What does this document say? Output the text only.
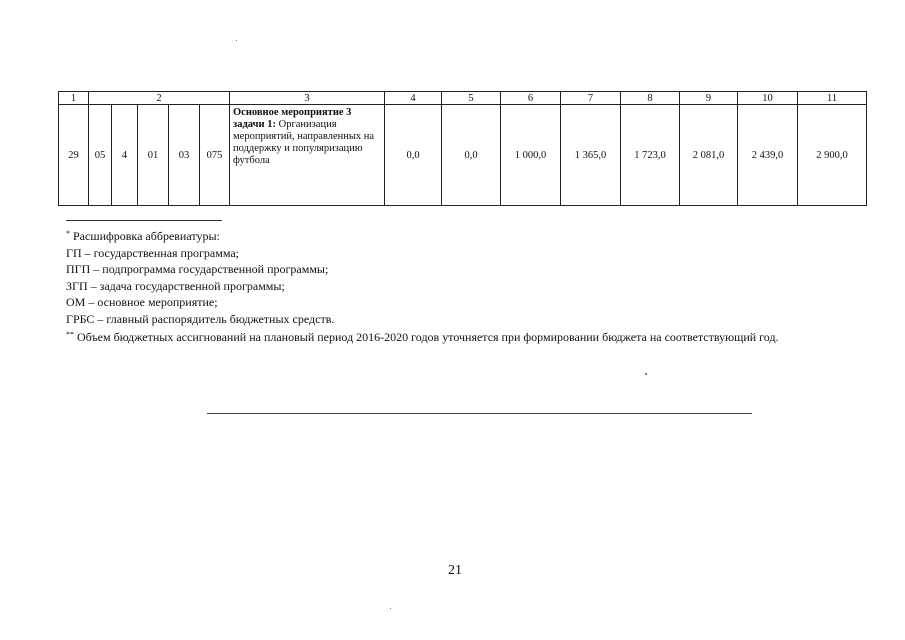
1	2					3	4	5	6	7	8	9	10	11
29	05	4	01	03	075	Основное мероприятие 3 задачи 1: Организация мероприятий, направленных на поддержку и популяризацию футбола	0,0	0,0	1 000,0	1 365,0	1 723,0	2 081,0	2 439,0	2 900,0
* Расшифровка аббревиатуры:
ГП – государственная программа;
ПГП – подпрограмма государственной программы;
ЗГП – задача государственной программы;
ОМ – основное мероприятие;
ГРБС – главный распорядитель бюджетных средств.
** Объем бюджетных ассигнований на плановый период 2016-2020 годов уточняется при формировании бюджета на соответствующий год.
21
